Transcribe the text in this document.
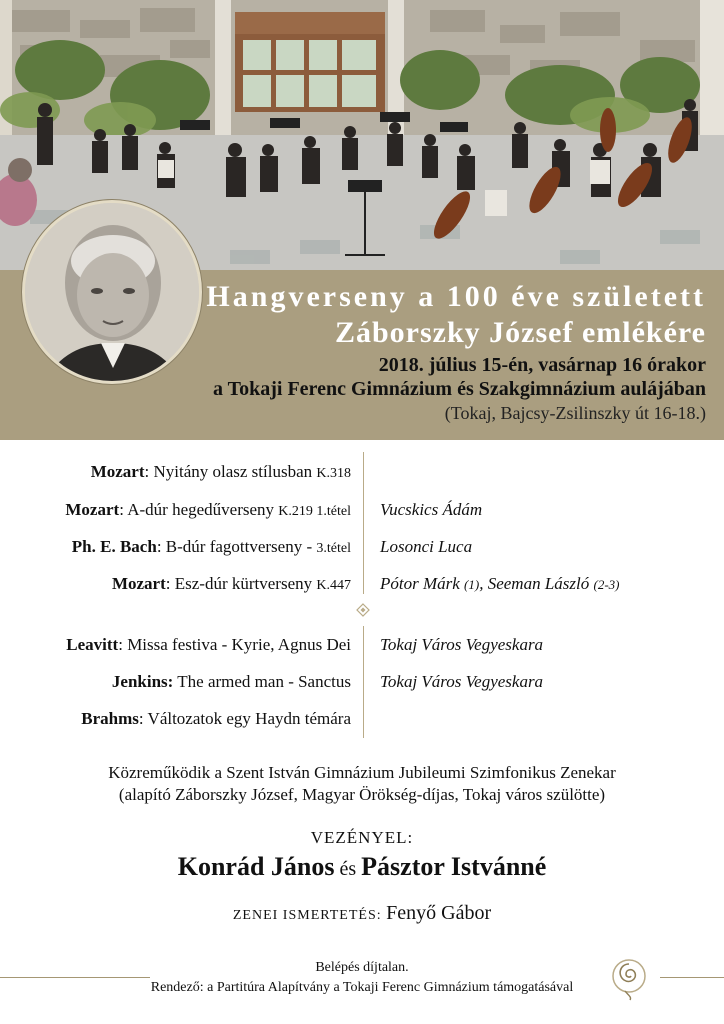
Hangverseny a 100 éve született
Záborszky József emlékére
2018. július 15-én, vasárnap 16 órakor
a Tokaji Ferenc Gimnázium és Szakgimnázium aulájában
(Tokaj, Bajcsy-Zsilinszky út 16-18.)
Mozart: Nyitány olasz stílusban K.318
Mozart: A-dúr hegedűverseny K.219 1.tétel Vucskics Ádám
Ph. E. Bach: B-dúr fagottverseny - 3.tétel Losonci Luca
Mozart: Esz-dúr kürtverseny K.447 Pótor Márk (1), Seeman László (2-3)
Leavitt: Missa festiva - Kyrie, Agnus Dei Tokaj Város Vegyeskara
Jenkins: The armed man - Sanctus Tokaj Város Vegyeskara
Brahms: Változatok egy Haydn témára
Közreműködik a Szent István Gimnázium Jubileumi Szimfonikus Zenekar
(alapító Záborszky József, Magyar Örökség-díjas, Tokaj város szülötte)
VEZÉNYEL:
Konrád János és Pásztor Istvánné
ZENEI ISMERTETÉS: Fenyő Gábor
Belépés díjtalan.
Rendező: a Partitúra Alapítvány a Tokaji Ferenc Gimnázium támogatásával
